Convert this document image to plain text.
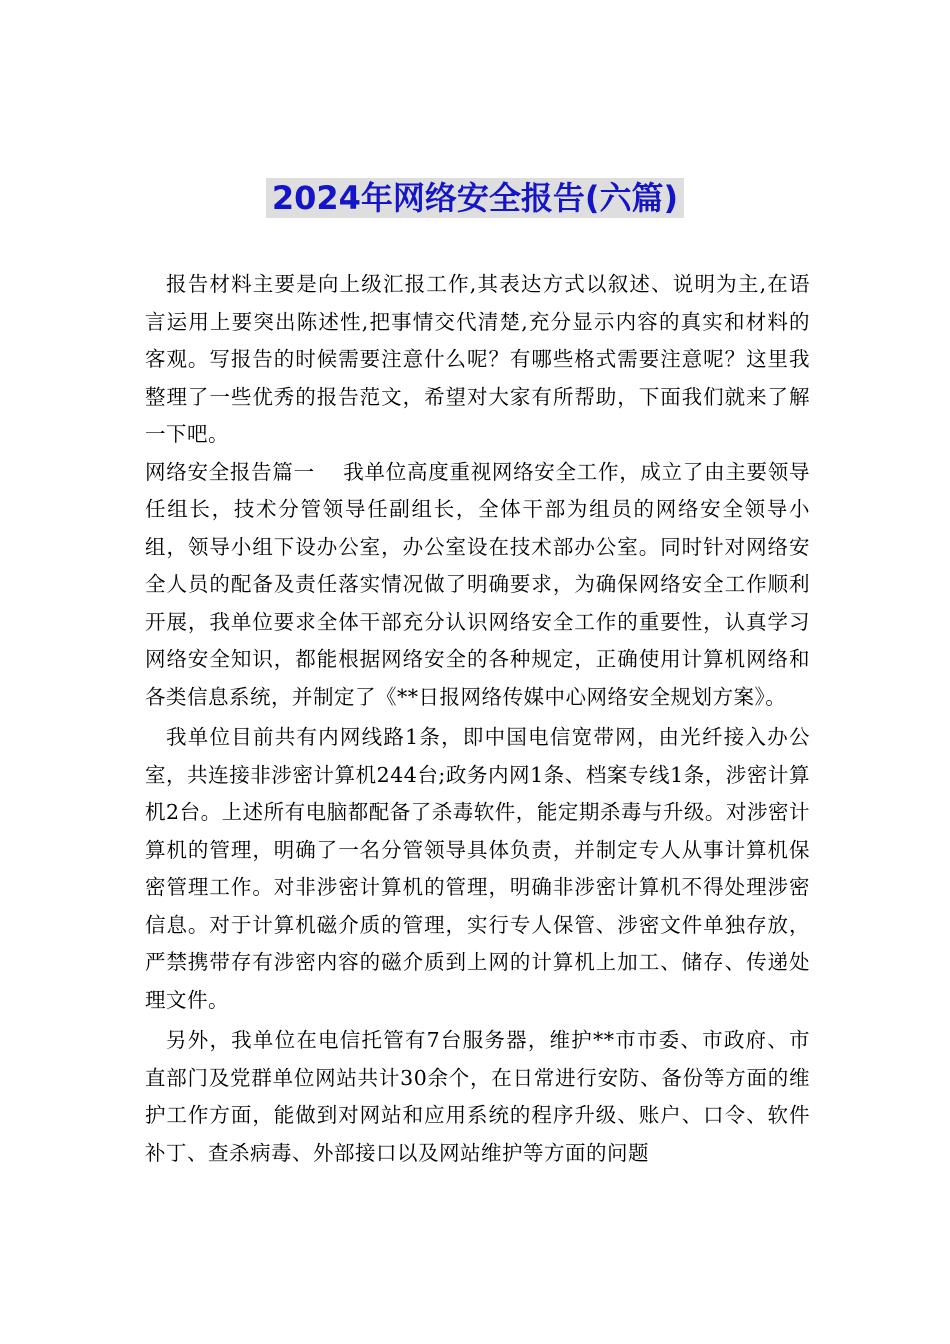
2024年网络安全报告(六篇)

报告材料主要是向上级汇报工作,其表达方式以叙述、说明为主,在语言运用上要突出陈述性,把事情交代清楚,充分显示内容的真实和材料的客观。写报告的时候需要注意什么呢？有哪些格式需要注意呢？这里我整理了一些优秀的报告范文，希望对大家有所帮助，下面我们就来了解一下吧。

网络安全报告篇一　 我单位高度重视网络安全工作，成立了由主要领导任组长，技术分管领导任副组长，全体干部为组员的网络安全领导小组，领导小组下设办公室，办公室设在技术部办公室。同时针对网络安全人员的配备及责任落实情况做了明确要求，为确保网络安全工作顺利开展，我单位要求全体干部充分认识网络安全工作的重要性，认真学习网络安全知识，都能根据网络安全的各种规定，正确使用计算机网络和各类信息系统，并制定了《**日报网络传媒中心网络安全规划方案》。

我单位目前共有内网线路1条，即中国电信宽带网，由光纤接入办公室，共连接非涉密计算机244台;政务内网1条、档案专线1条，涉密计算机2台。上述所有电脑都配备了杀毒软件，能定期杀毒与升级。对涉密计算机的管理，明确了一名分管领导具体负责，并制定专人从事计算机保密管理工作。对非涉密计算机的管理，明确非涉密计算机不得处理涉密信息。对于计算机磁介质的管理，实行专人保管、涉密文件单独存放，严禁携带存有涉密内容的磁介质到上网的计算机上加工、储存、传递处理文件。

另外，我单位在电信托管有7台服务器，维护**市市委、市政府、市直部门及党群单位网站共计30余个，在日常进行安防、备份等方面的维护工作方面，能做到对网站和应用系统的程序升级、账户、口令、软件补丁、查杀病毒、外部接口以及网站维护等方面的问题
